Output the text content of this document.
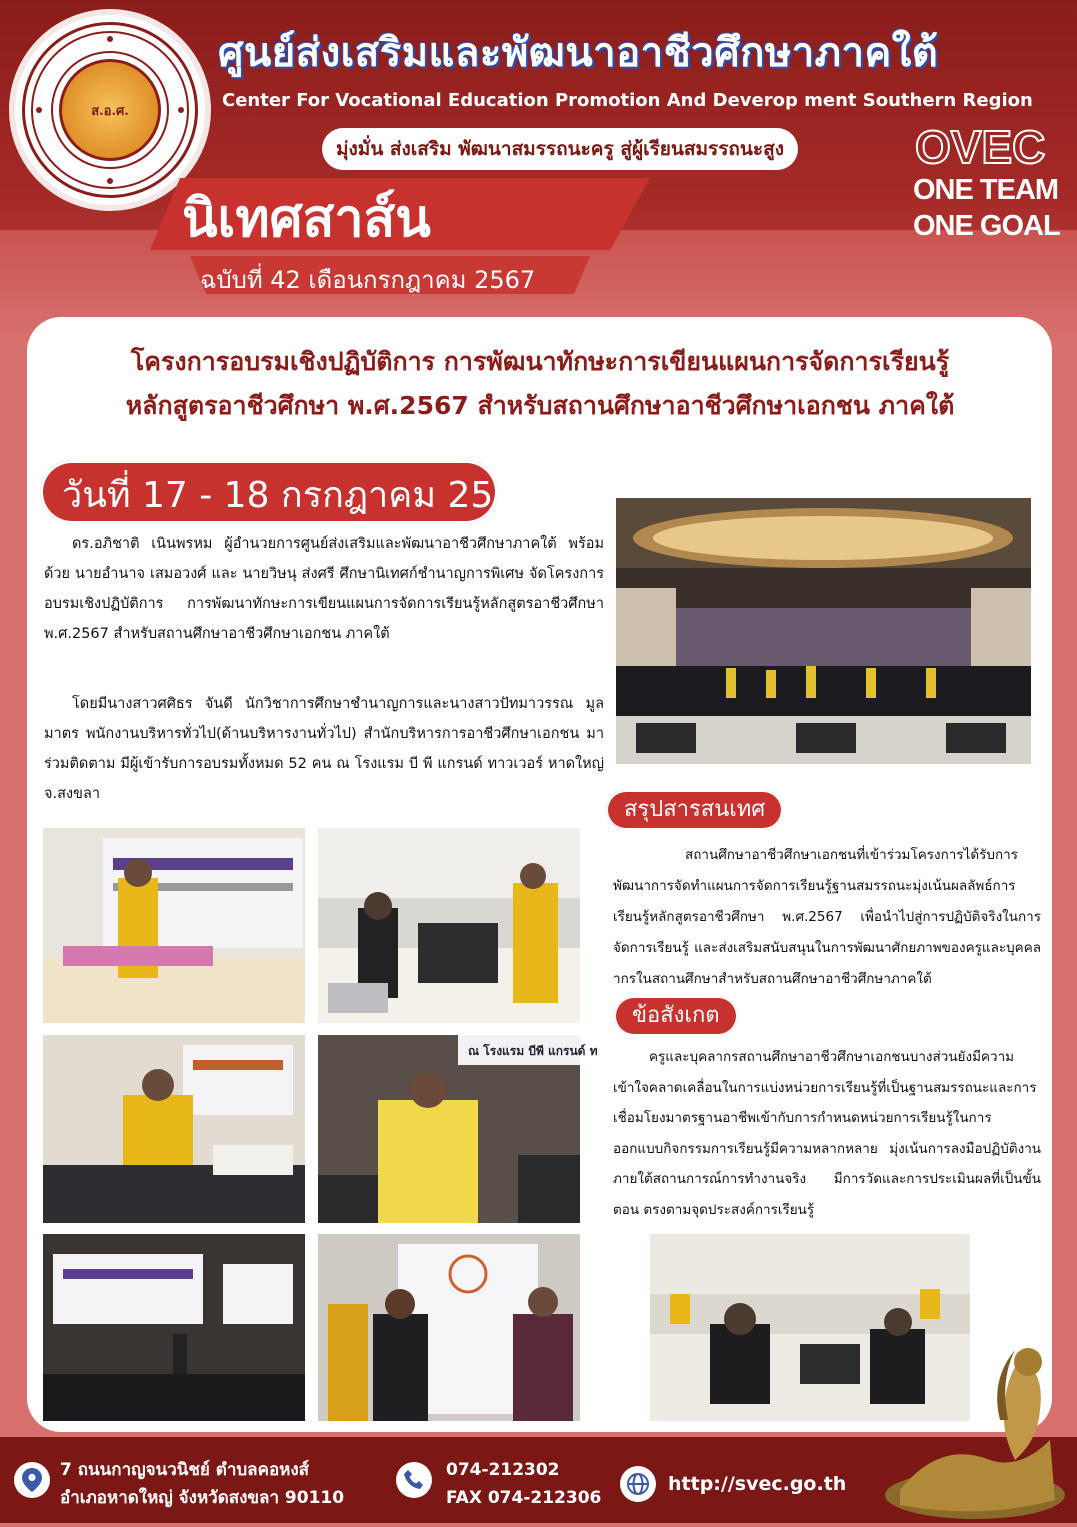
ส.อ.ศ.
ศูนย์ส่งเสริมและพัฒนาอาชีวศึกษาภาคใต้
Center For Vocational Education Promotion And Deverop ment Southern Region
มุ่งมั่น ส่งเสริม พัฒนาสมรรถนะครู สู่ผู้เรียนสมรรถนะสูง	OVEC
ONE TEAM
ONE GOAL
นิเทศสาส์น
ฉบับที่ 42 เดือนกรกฎาคม 2567
โครงการอบรมเชิงปฏิบัติการ การพัฒนาทักษะการเขียนแผนการจัดการเรียนรู้
หลักสูตรอาชีวศึกษา พ.ศ.2567 สำหรับสถานศึกษาอาชีวศึกษาเอกชน ภาคใต้
วันที่ 17 - 18 กรกฎาคม 2567
ดร.อภิชาติ เนินพรหม ผู้อำนวยการศูนย์ส่งเสริมและพัฒนาอาชีวศึกษาภาคใต้ พร้อมด้วย นายอำนาจ เสมอวงศ์ และ นายวิษนุ ส่งศรี ศึกษานิเทศก์ชำนาญการพิเศษ จัดโครงการอบรมเชิงปฏิบัติการ การพัฒนาทักษะการเขียนแผนการจัดการเรียนรู้หลักสูตรอาชีวศึกษา พ.ศ.2567 สำหรับสถานศึกษาอาชีวศึกษาเอกชน ภาคใต้
โดยมีนางสาวศศิธร จันดี นักวิชาการศึกษาชำนาญการและนางสาวปัทมาวรรณ มูลมาตร พนักงานบริหารทั่วไป(ด้านบริหารงานทั่วไป) สำนักบริหารการอาชีวศึกษาเอกชน มาร่วมติดตาม มีผู้เข้ารับการอบรมทั้งหมด 52 คน ณ โรงแรม บี พี แกรนด์ ทาวเวอร์ หาดใหญ่ จ.สงขลา
ณ โรงแรม บีพี แกรนด์ ท
สรุปสารสนเทศ
สถานศึกษาอาชีวศึกษาเอกชนที่เข้าร่วมโครงการได้รับการพัฒนาการจัดทำแผนการจัดการเรียนรู้ฐานสมรรถนะมุ่งเน้นผลลัพธ์การเรียนรู้หลักสูตรอาชีวศึกษา พ.ศ.2567 เพื่อนำไปสู่การปฏิบัติจริงในการจัดการเรียนรู้ และส่งเสริมสนับสนุนในการพัฒนาศักยภาพของครูและบุคคลากรในสถานศึกษาสำหรับสถานศึกษาอาชีวศึกษาภาคใต้
ข้อสังเกต
ครูและบุคลากรสถานศึกษาอาชีวศึกษาเอกชนบางส่วนยังมีความเข้าใจคลาดเคลื่อนในการแบ่งหน่วยการเรียนรู้ที่เป็นฐานสมรรถนะและการเชื่อมโยงมาตรฐานอาชีพเข้ากับการกำหนดหน่วยการเรียนรู้ในการออกแบบกิจกรรมการเรียนรู้มีความหลากหลาย มุ่งเน้นการลงมือปฏิบัติงานภายใต้สถานการณ์การทำงานจริง มีการวัดและการประเมินผลที่เป็นขั้นตอน ตรงตามจุดประสงค์การเรียนรู้
7 ถนนกาญจนวนิชย์ ตำบลคอหงส์
อำเภอหาดใหญ่ จังหวัดสงขลา 90110
074-212302
FAX 074-212306
http://svec.go.th
